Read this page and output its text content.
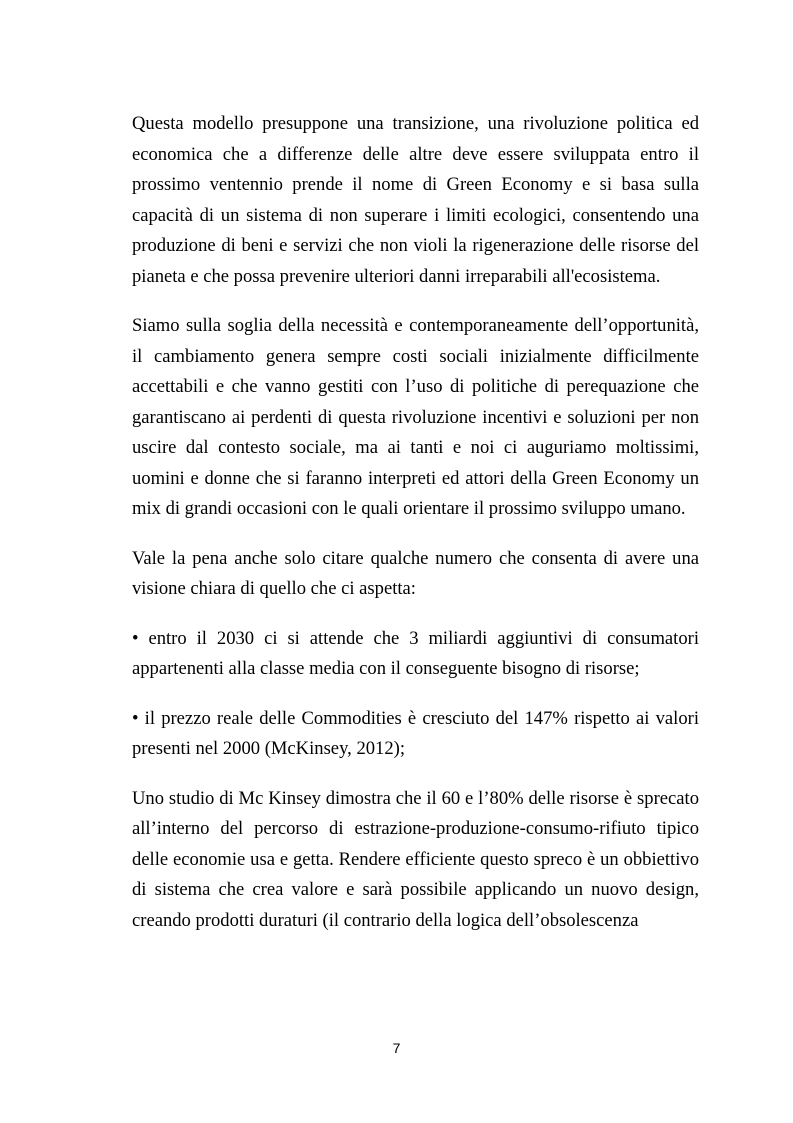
Questa modello presuppone una transizione, una rivoluzione politica ed economica che a differenze delle altre deve essere sviluppata entro il prossimo ventennio prende il nome di Green Economy e si basa sulla capacità di un sistema di non superare i limiti ecologici, consentendo una produzione di beni e servizi che non violi la rigenerazione delle risorse del pianeta e che possa prevenire ulteriori danni irreparabili all'ecosistema.

Siamo sulla soglia della necessità e contemporaneamente dell’opportunità, il cambiamento genera sempre costi sociali inizialmente difficilmente accettabili e che vanno gestiti con l’uso di politiche di perequazione che garantiscano ai perdenti di questa rivoluzione incentivi e soluzioni per non uscire dal contesto sociale, ma ai tanti e noi ci auguriamo moltissimi, uomini e donne che si faranno interpreti ed attori della Green Economy un mix di grandi occasioni con le quali orientare il prossimo sviluppo umano.

Vale la pena anche solo citare qualche numero che consenta di avere una visione chiara di quello che ci aspetta:

• entro il 2030 ci si attende che 3 miliardi aggiuntivi di consumatori appartenenti alla classe media con il conseguente bisogno di risorse;

• il prezzo reale delle Commodities è cresciuto del 147% rispetto ai valori presenti nel 2000 (McKinsey, 2012);

Uno studio di Mc Kinsey dimostra che il 60 e l’80% delle risorse è sprecato all’interno del percorso di estrazione-produzione-consumo-rifiuto tipico delle economie usa e getta. Rendere efficiente questo spreco è un obbiettivo di sistema che crea valore e sarà possibile applicando un nuovo design, creando prodotti duraturi (il contrario della logica dell’obsolescenza

7
